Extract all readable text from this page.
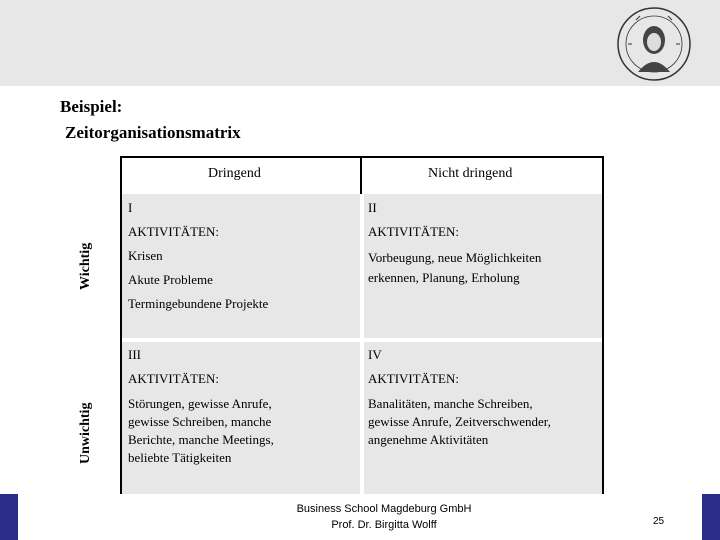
Beispiel:
Zeitorganisationsmatrix
Wichtig
Unwichtig
Dringend	Nicht dringend
I
AKTIVITÄTEN:
Krisen
Akute Probleme
Termingebundene Projekte
II
AKTIVITÄTEN:
Vorbeugung, neue Möglichkeiten
erkennen, Planung, Erholung
III
AKTIVITÄTEN:
Störungen, gewisse Anrufe,
gewisse Schreiben, manche
Berichte, manche Meetings,
beliebte Tätigkeiten
IV
AKTIVITÄTEN:
Banalitäten, manche Schreiben,
gewisse Anrufe, Zeitverschwender,
angenehme Aktivitäten
Business School Magdeburg GmbH
Prof. Dr. Birgitta Wolff	25
